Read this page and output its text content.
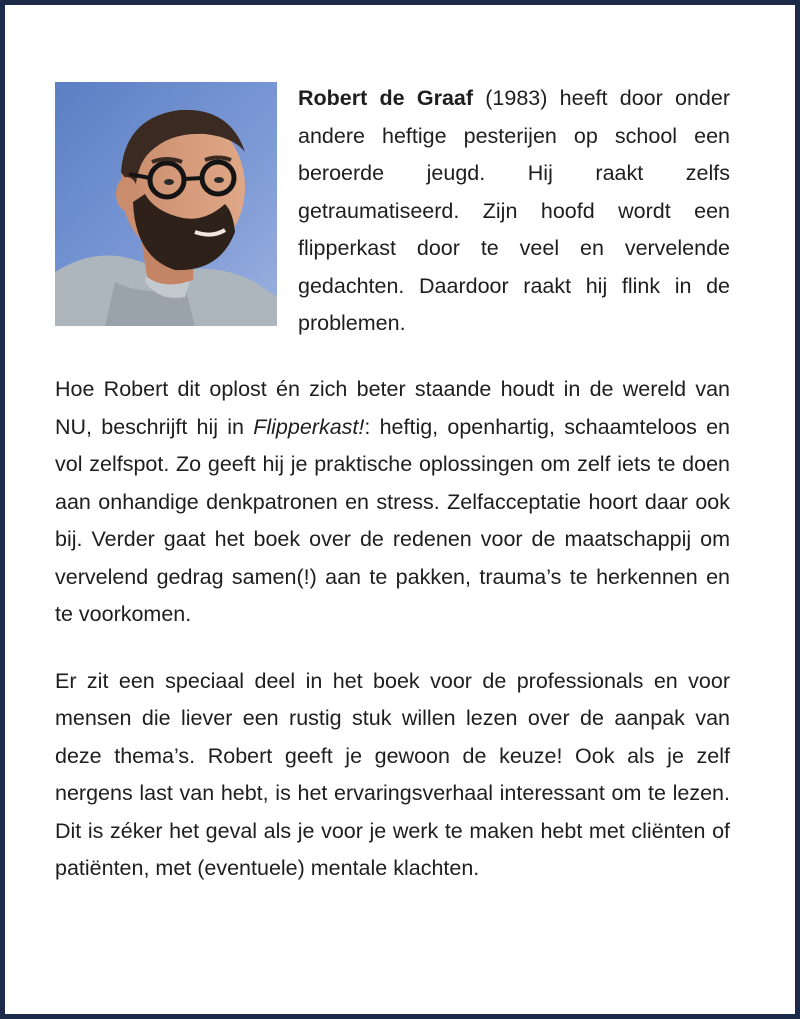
Robert de Graaf (1983) heeft door onder andere heftige pesterijen op school een beroerde jeugd. Hij raakt zelfs getraumatiseerd. Zijn hoofd wordt een flipperkast door te veel en vervelende gedachten. Daardoor raakt hij flink in de problemen.

Hoe Robert dit oplost én zich beter staande houdt in de wereld van NU, beschrijft hij in Flipperkast!: heftig, openhartig, schaamteloos en vol zelfspot. Zo geeft hij je praktische oplossingen om zelf iets te doen aan onhandige denkpatronen en stress. Zelfacceptatie hoort daar ook bij. Verder gaat het boek over de redenen voor de maatschappij om vervelend gedrag samen(!) aan te pakken, trauma’s te herkennen en te voorkomen.

Er zit een speciaal deel in het boek voor de professionals en voor mensen die liever een rustig stuk willen lezen over de aanpak van deze thema’s. Robert geeft je gewoon de keuze! Ook als je zelf nergens last van hebt, is het ervaringsverhaal interessant om te lezen. Dit is zéker het geval als je voor je werk te maken hebt met cliënten of patiënten, met (eventuele) mentale klachten.
